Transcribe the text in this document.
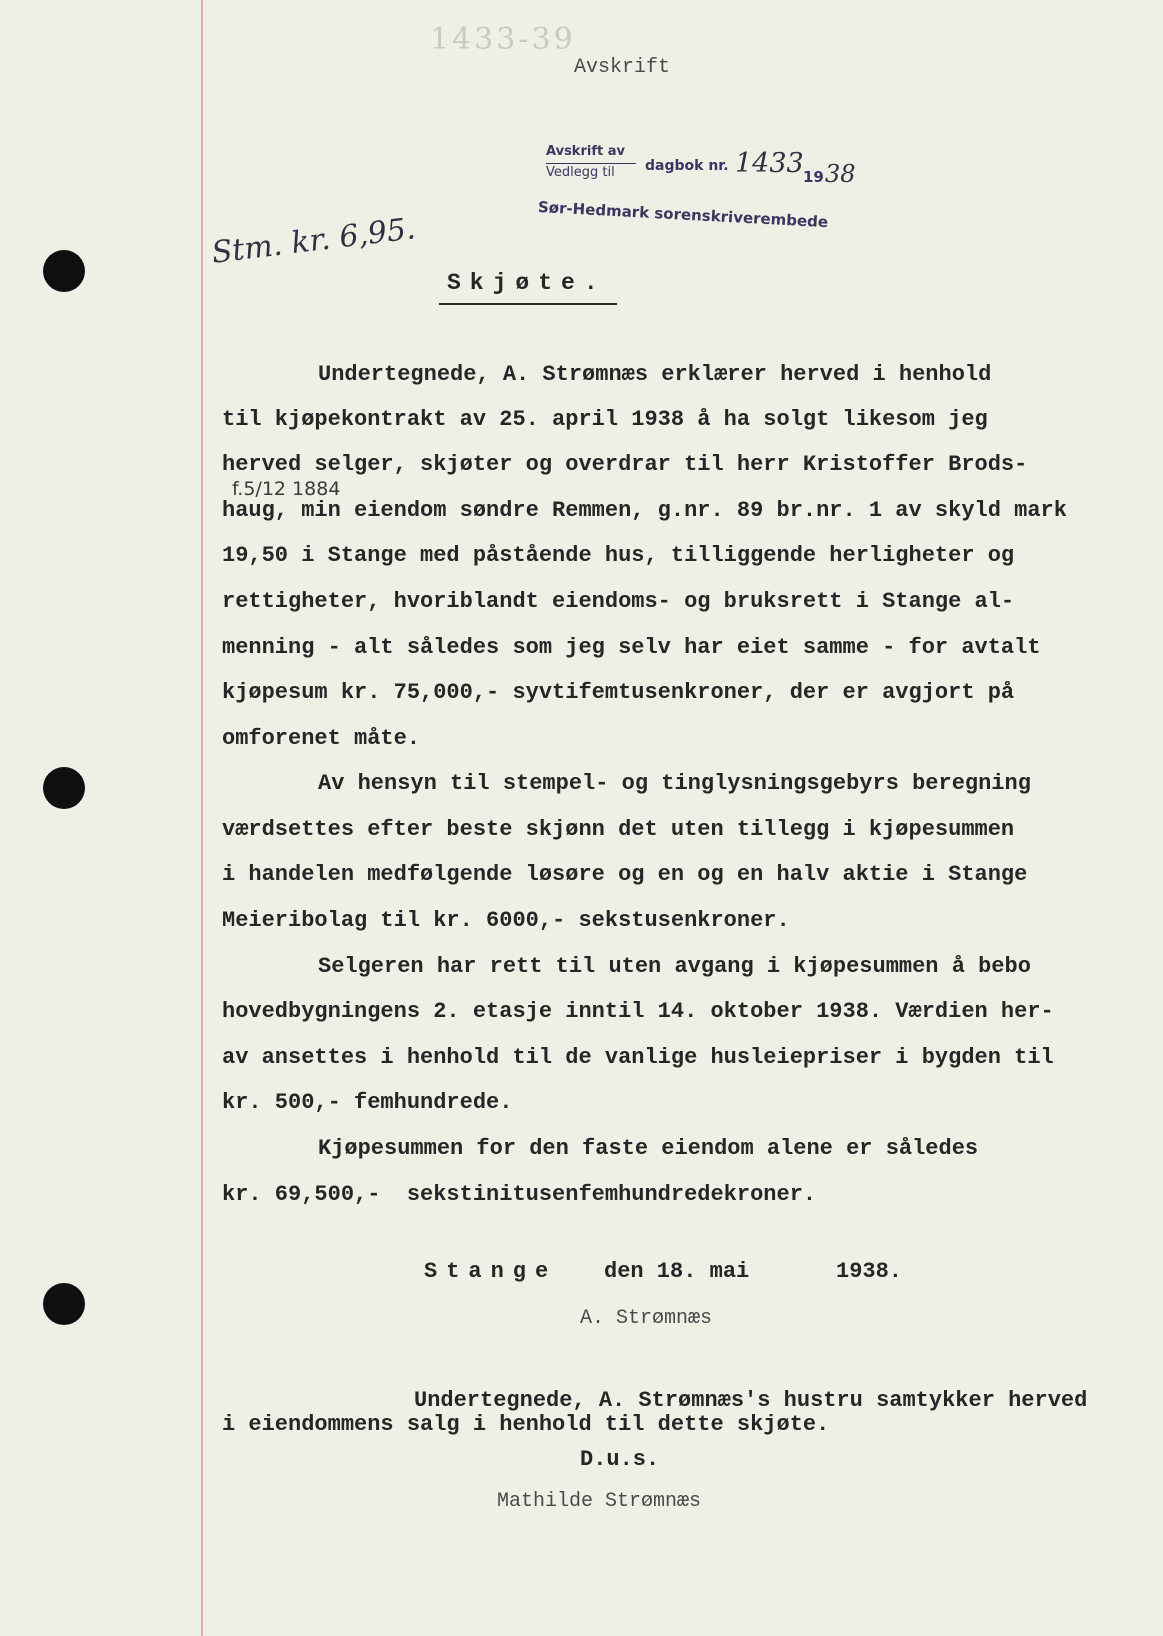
1433-39
Avskrift
Avskrift av
Vedlegg til dagbok nr. 1433 19 38
Sør-Hedmark sorenskriverembede
Stm. kr. 6,95.
Skjøte.
Undertegnede, A. Strømnæs erklærer herved i henhold
til kjøpekontrakt av 25. april 1938 å ha solgt likesom jeg
herved selger, skjøter og overdrar til herr Kristoffer Brods-
f.5/12 1884
haug, min eiendom søndre Remmen, g.nr. 89 br.nr. 1 av skyld mark
19,50 i Stange med påstående hus, tilliggende herligheter og
rettigheter, hvoriblandt eiendoms- og bruksrett i Stange al-
menning - alt således som jeg selv har eiet samme - for avtalt
kjøpesum kr. 75,000,- syvtifemtusenkroner, der er avgjort på
omforenet måte.
Av hensyn til stempel- og tinglysningsgebyrs beregning
værdsettes efter beste skjønn det uten tillegg i kjøpesummen
i handelen medfølgende løsøre og en og en halv aktie i Stange
Meieribolag til kr. 6000,- sekstusenkroner.
Selgeren har rett til uten avgang i kjøpesummen å bebo
hovedbygningens 2. etasje inntil 14. oktober 1938. Værdien her-
av ansettes i henhold til de vanlige husleiepriser i bygden til
kr. 500,- femhundrede.
Kjøpesummen for den faste eiendom alene er således
kr. 69,500,-  sekstinitusenfemhundredekroner.
Stange den 18. mai	1938.
A. Strømnæs
Undertegnede, A. Strømnæs's hustru samtykker herved
i eiendommens salg i henhold til dette skjøte.
D.u.s.
Mathilde Strømnæs
